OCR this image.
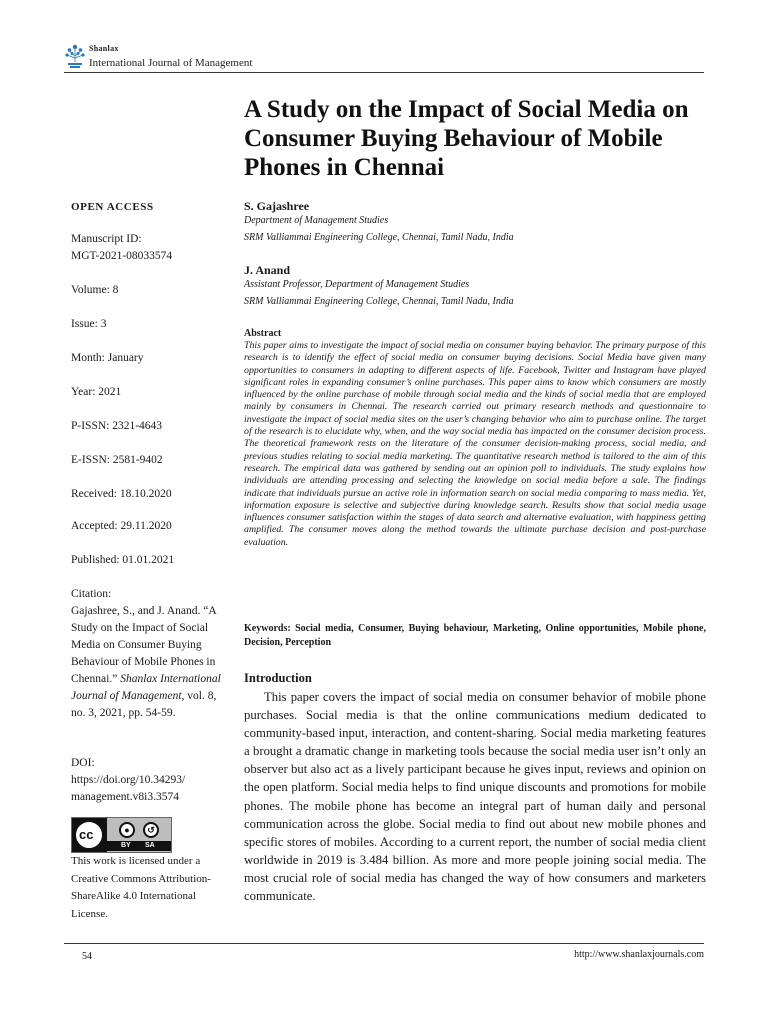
Shanlax
International Journal of Management
A Study on the Impact of Social Media on Consumer Buying Behaviour of Mobile Phones in Chennai
OPEN ACCESS
Manuscript ID:
MGT-2021-08033574
Volume: 8
Issue: 3
Month: January
Year: 2021
P-ISSN: 2321-4643
E-ISSN: 2581-9402
Received: 18.10.2020
Accepted: 29.11.2020
Published: 01.01.2021
Citation:
Gajashree, S., and J. Anand. “A Study on the Impact of Social Media on Consumer Buying Behaviour of Mobile Phones in Chennai.” Shanlax International Journal of Management, vol. 8, no. 3, 2021, pp. 54-59.
DOI:
https://doi.org/10.34293/
management.v8i3.3574
cc	●	↺
BY SA
This work is licensed under a Creative Commons Attribution-ShareAlike 4.0 International License.
S. Gajashree
Department of Management Studies
SRM Valliammai Engineering College, Chennai, Tamil Nadu, India
J. Anand
Assistant Professor, Department of Management Studies
SRM Valliammai Engineering College, Chennai, Tamil Nadu, India
Abstract

This paper aims to investigate the impact of social media on consumer buying behavior. The primary purpose of this research is to identify the effect of social media on consumer buying decisions. Social Media have given many opportunities to consumers in adapting to different aspects of life. Facebook, Twitter and Instagram have played significant roles in expanding consumer’s online purchases. This paper aims to know which consumers are mostly influenced by the online purchase of mobile through social media and the kinds of social media that are employed mainly by consumers in Chennai. The research carried out primary research methods and questionnaire to investigate the impact of social media sites on the user’s changing behavior who aim to purchase online. The target of the research is to elucidate why, when, and the way social media has impacted on the consumer decision process. The theoretical framework rests on the literature of the consumer decision-making process, social media, and previous studies relating to social media marketing. The quantitative research method is tailored to the aim of this research. The empirical data was gathered by sending out an opinion poll to individuals. The study explains how individuals are attending processing and selecting the knowledge on social media before a sale. The findings indicate that individuals pursue an active role in information search on social media comparing to mass media. Yet, information exposure is selective and subjective during knowledge search. Results show that social media usage influences consumer satisfaction within the stages of data search and alternative evaluation, with happiness getting amplified. The consumer moves along the method towards the ultimate purchase decision and post-purchase evaluation.

Keywords: Social media, Consumer, Buying behaviour, Marketing, Online opportunities, Mobile phone, Decision, Perception

Introduction

This paper covers the impact of social media on consumer behavior of mobile phone purchases. Social media is that the online communications medium dedicated to community-based input, interaction, and content-sharing. Social media marketing features a brought a dramatic change in marketing tools because the social media user isn’t only an observer but also act as a lively participant because he gives input, reviews and opinion on the open platform. Social media helps to find unique discounts and promotions for mobile phones. The mobile phone has become an integral part of human daily and personal communication across the globe. Social media to find out about new mobile phones and specific stores of mobiles. According to a current report, the number of social media client worldwide in 2019 is 3.484 billion. As more and more people joining social media. The most crucial role of social media has changed the way of how consumers and marketers communicate.

54	http://www.shanlaxjournals.com
